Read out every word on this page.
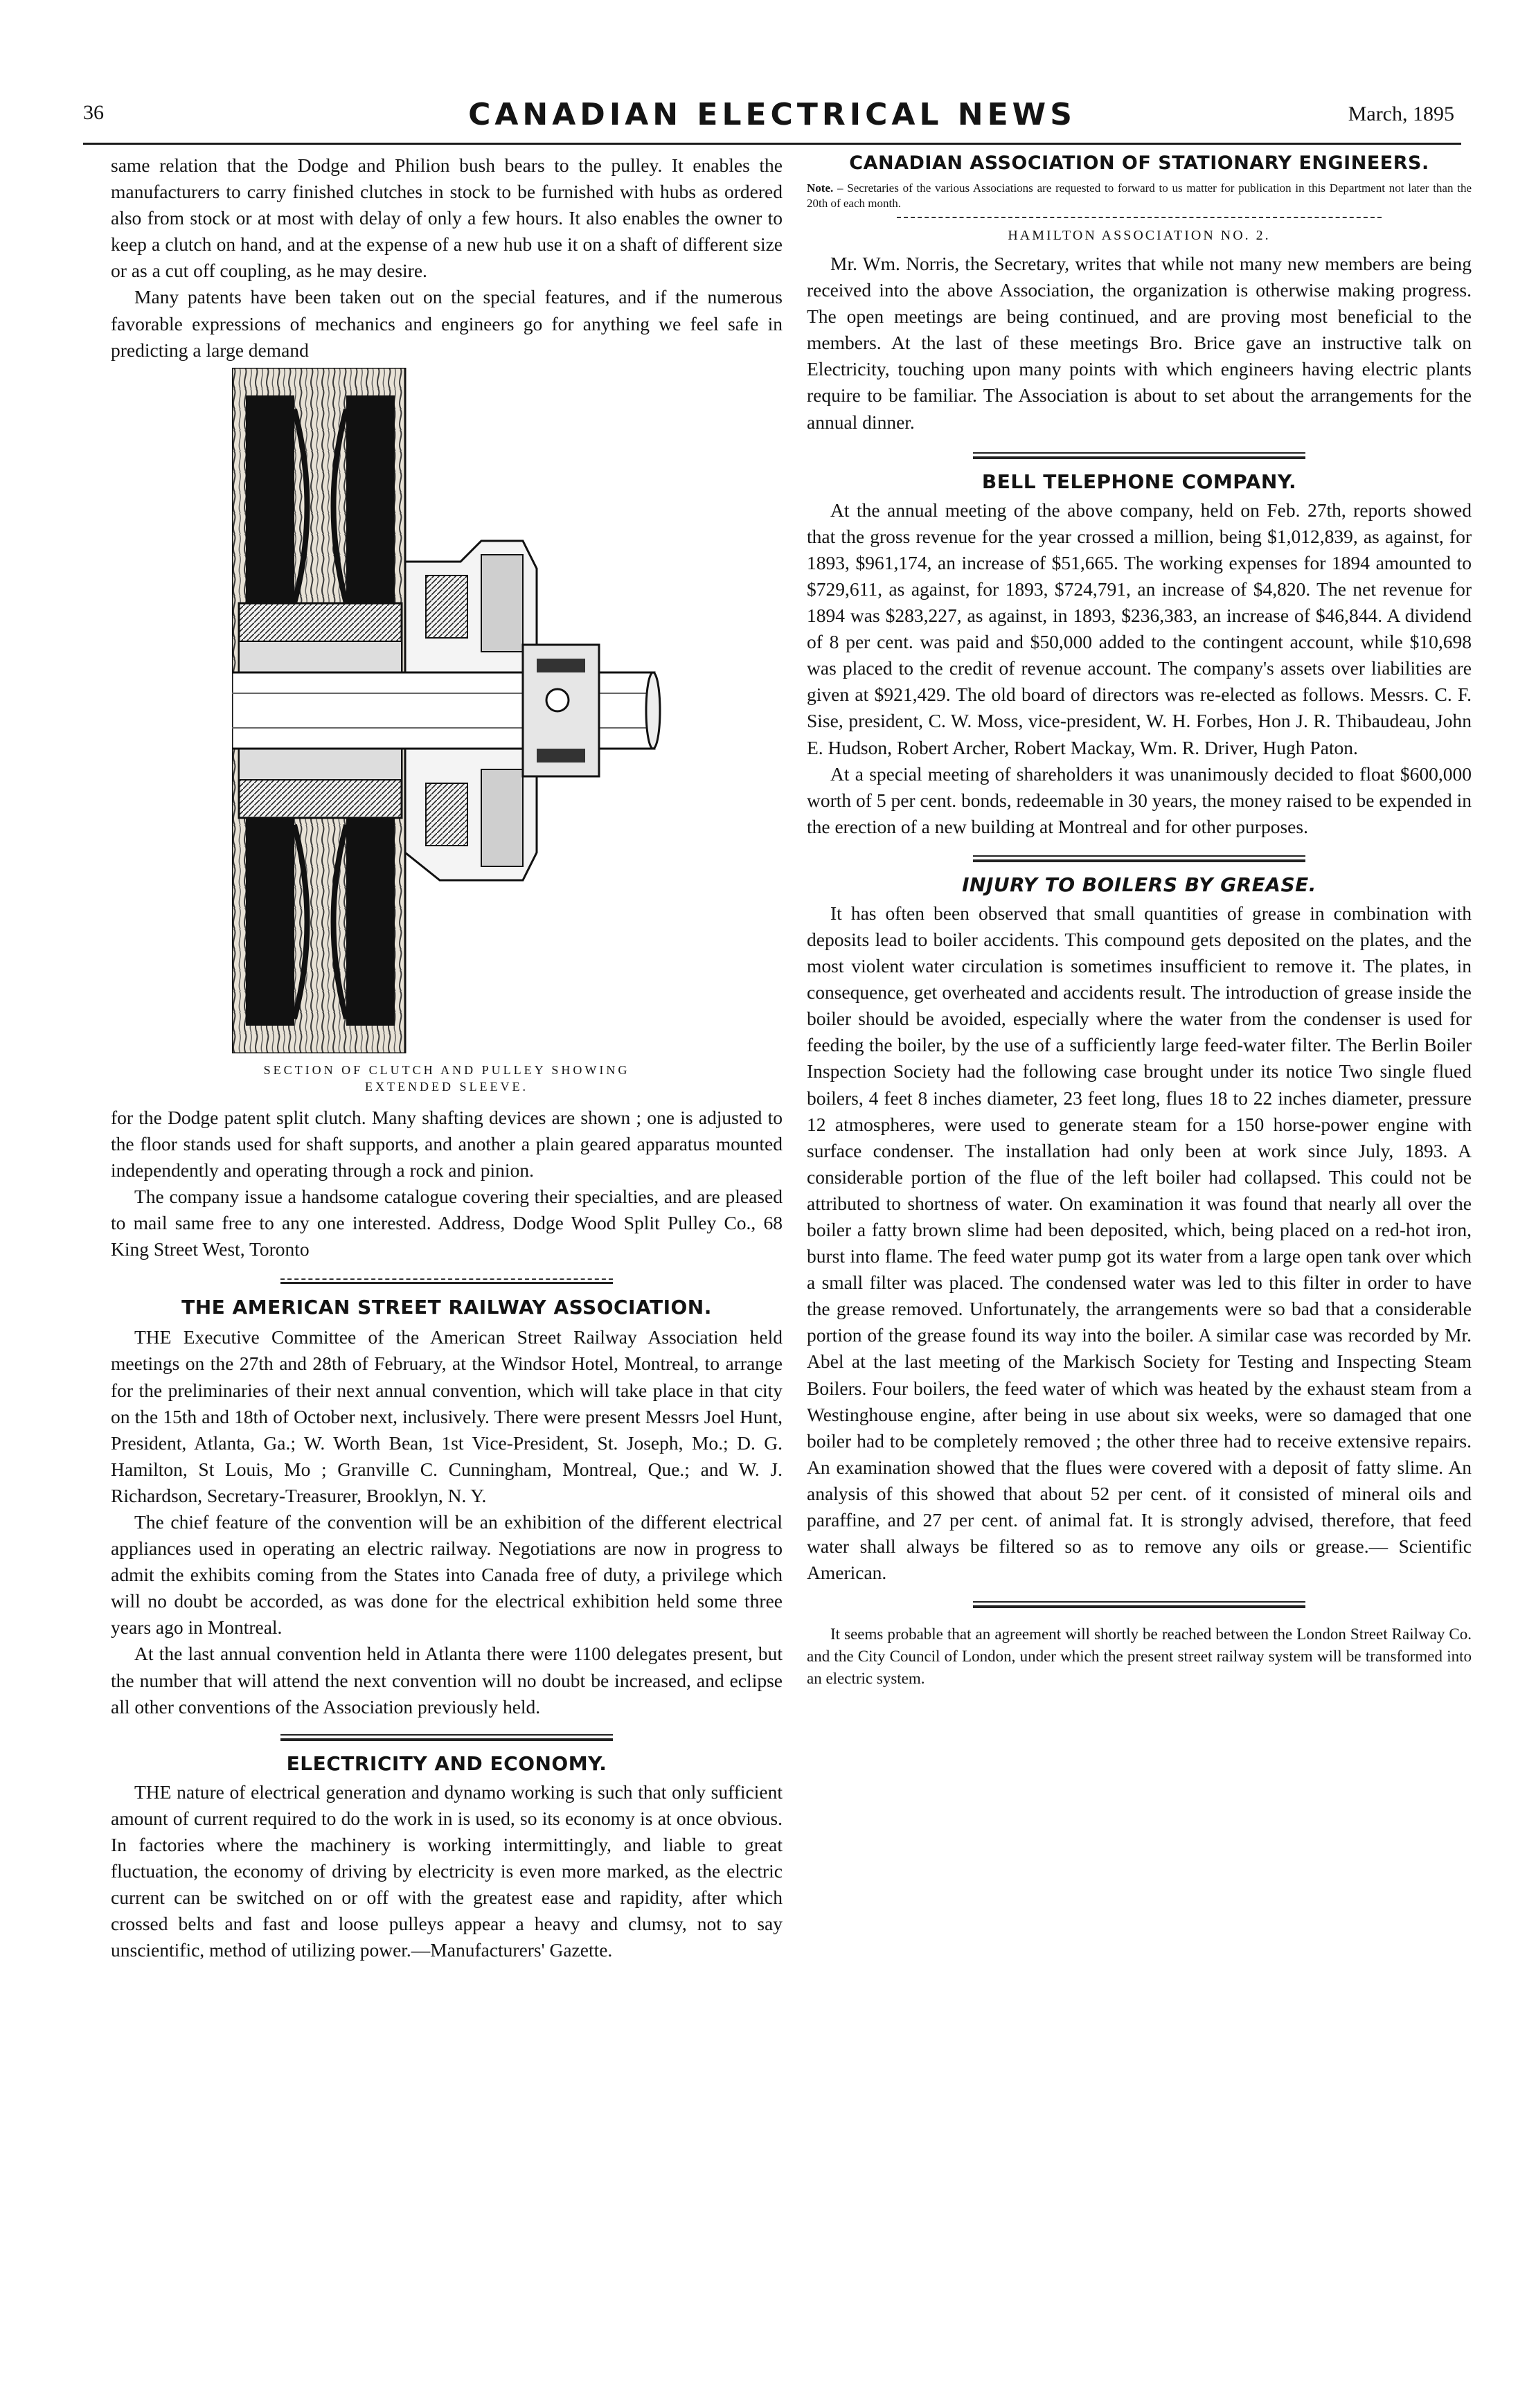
36	CANADIAN ELECTRICAL NEWS	March, 1895

same relation that the Dodge and Philion bush bears to the pulley. It enables the manufacturers to carry finished clutches in stock to be furnished with hubs as ordered also from stock or at most with delay of only a few hours. It also enables the owner to keep a clutch on hand, and at the expense of a new hub use it on a shaft of different size or as a cut off coupling, as he may desire.

Many patents have been taken out on the special features, and if the numerous favorable expressions of mechanics and engineers go for anything we feel safe in predicting a large demand

SECTION OF CLUTCH AND PULLEY SHOWING
EXTENDED SLEEVE.

for the Dodge patent split clutch. Many shafting devices are shown ; one is adjusted to the floor stands used for shaft supports, and another a plain geared apparatus mounted independently and operating through a rock and pinion.

The company issue a handsome catalogue covering their specialties, and are pleased to mail same free to any one interested. Address, Dodge Wood Split Pulley Co., 68 King Street West, Toronto

THE AMERICAN STREET RAILWAY ASSOCIATION.

THE Executive Committee of the American Street Railway Association held meetings on the 27th and 28th of February, at the Windsor Hotel, Montreal, to arrange for the preliminaries of their next annual convention, which will take place in that city on the 15th and 18th of October next, inclusively. There were present Messrs Joel Hunt, President, Atlanta, Ga.; W. Worth Bean, 1st Vice-President, St. Joseph, Mo.; D. G. Hamilton, St Louis, Mo ; Granville C. Cunningham, Montreal, Que.; and W. J. Richardson, Secretary-Treasurer, Brooklyn, N. Y.

The chief feature of the convention will be an exhibition of the different electrical appliances used in operating an electric railway. Negotiations are now in progress to admit the exhibits coming from the States into Canada free of duty, a privilege which will no doubt be accorded, as was done for the electrical exhibition held some three years ago in Montreal.

At the last annual convention held in Atlanta there were 1100 delegates present, but the number that will attend the next convention will no doubt be increased, and eclipse all other conventions of the Association previously held.

ELECTRICITY AND ECONOMY.

THE nature of electrical generation and dynamo working is such that only sufficient amount of current required to do the work in is used, so its economy is at once obvious. In factories where the machinery is working intermittingly, and liable to great fluctuation, the economy of driving by electricity is even more marked, as the electric current can be switched on or off with the greatest ease and rapidity, after which crossed belts and fast and loose pulleys appear a heavy and clumsy, not to say unscientific, method of utilizing power.—Manufacturers' Gazette.

CANADIAN ASSOCIATION OF STATIONARY ENGINEERS.
Note. – Secretaries of the various Associations are requested to forward to us matter for publication in this Department not later than the 20th of each month.
HAMILTON ASSOCIATION NO. 2.

Mr. Wm. Norris, the Secretary, writes that while not many new members are being received into the above Association, the organization is otherwise making progress. The open meetings are being continued, and are proving most beneficial to the members. At the last of these meetings Bro. Brice gave an instructive talk on Electricity, touching upon many points with which engineers having electric plants require to be familiar. The Association is about to set about the arrangements for the annual dinner.

BELL TELEPHONE COMPANY.

At the annual meeting of the above company, held on Feb. 27th, reports showed that the gross revenue for the year crossed a million, being $1,012,839, as against, for 1893, $961,174, an increase of $51,665. The working expenses for 1894 amounted to $729,611, as against, for 1893, $724,791, an increase of $4,820. The net revenue for 1894 was $283,227, as against, in 1893, $236,383, an increase of $46,844. A dividend of 8 per cent. was paid and $50,000 added to the contingent account, while $10,698 was placed to the credit of revenue account. The company's assets over liabilities are given at $921,429. The old board of directors was re-elected as follows. Messrs. C. F. Sise, president, C. W. Moss, vice-president, W. H. Forbes, Hon J. R. Thibaudeau, John E. Hudson, Robert Archer, Robert Mackay, Wm. R. Driver, Hugh Paton.

At a special meeting of shareholders it was unanimously decided to float $600,000 worth of 5 per cent. bonds, redeemable in 30 years, the money raised to be expended in the erection of a new building at Montreal and for other purposes.

INJURY TO BOILERS BY GREASE.

It has often been observed that small quantities of grease in combination with deposits lead to boiler accidents. This compound gets deposited on the plates, and the most violent water circulation is sometimes insufficient to remove it. The plates, in consequence, get overheated and accidents result. The introduction of grease inside the boiler should be avoided, especially where the water from the condenser is used for feeding the boiler, by the use of a sufficiently large feed-water filter. The Berlin Boiler Inspection Society had the following case brought under its notice Two single flued boilers, 4 feet 8 inches diameter, 23 feet long, flues 18 to 22 inches diameter, pressure 12 atmospheres, were used to generate steam for a 150 horse-power engine with surface condenser. The installation had only been at work since July, 1893. A considerable portion of the flue of the left boiler had collapsed. This could not be attributed to shortness of water. On examination it was found that nearly all over the boiler a fatty brown slime had been deposited, which, being placed on a red-hot iron, burst into flame. The feed water pump got its water from a large open tank over which a small filter was placed. The condensed water was led to this filter in order to have the grease removed. Unfortunately, the arrangements were so bad that a considerable portion of the grease found its way into the boiler. A similar case was recorded by Mr. Abel at the last meeting of the Markisch Society for Testing and Inspecting Steam Boilers. Four boilers, the feed water of which was heated by the exhaust steam from a Westinghouse engine, after being in use about six weeks, were so damaged that one boiler had to be completely removed ; the other three had to receive extensive repairs. An examination showed that the flues were covered with a deposit of fatty slime. An analysis of this showed that about 52 per cent. of it consisted of mineral oils and paraffine, and 27 per cent. of animal fat. It is strongly advised, therefore, that feed water shall always be filtered so as to remove any oils or grease.— Scientific American.

It seems probable that an agreement will shortly be reached between the London Street Railway Co. and the City Council of London, under which the present street railway system will be transformed into an electric system.
